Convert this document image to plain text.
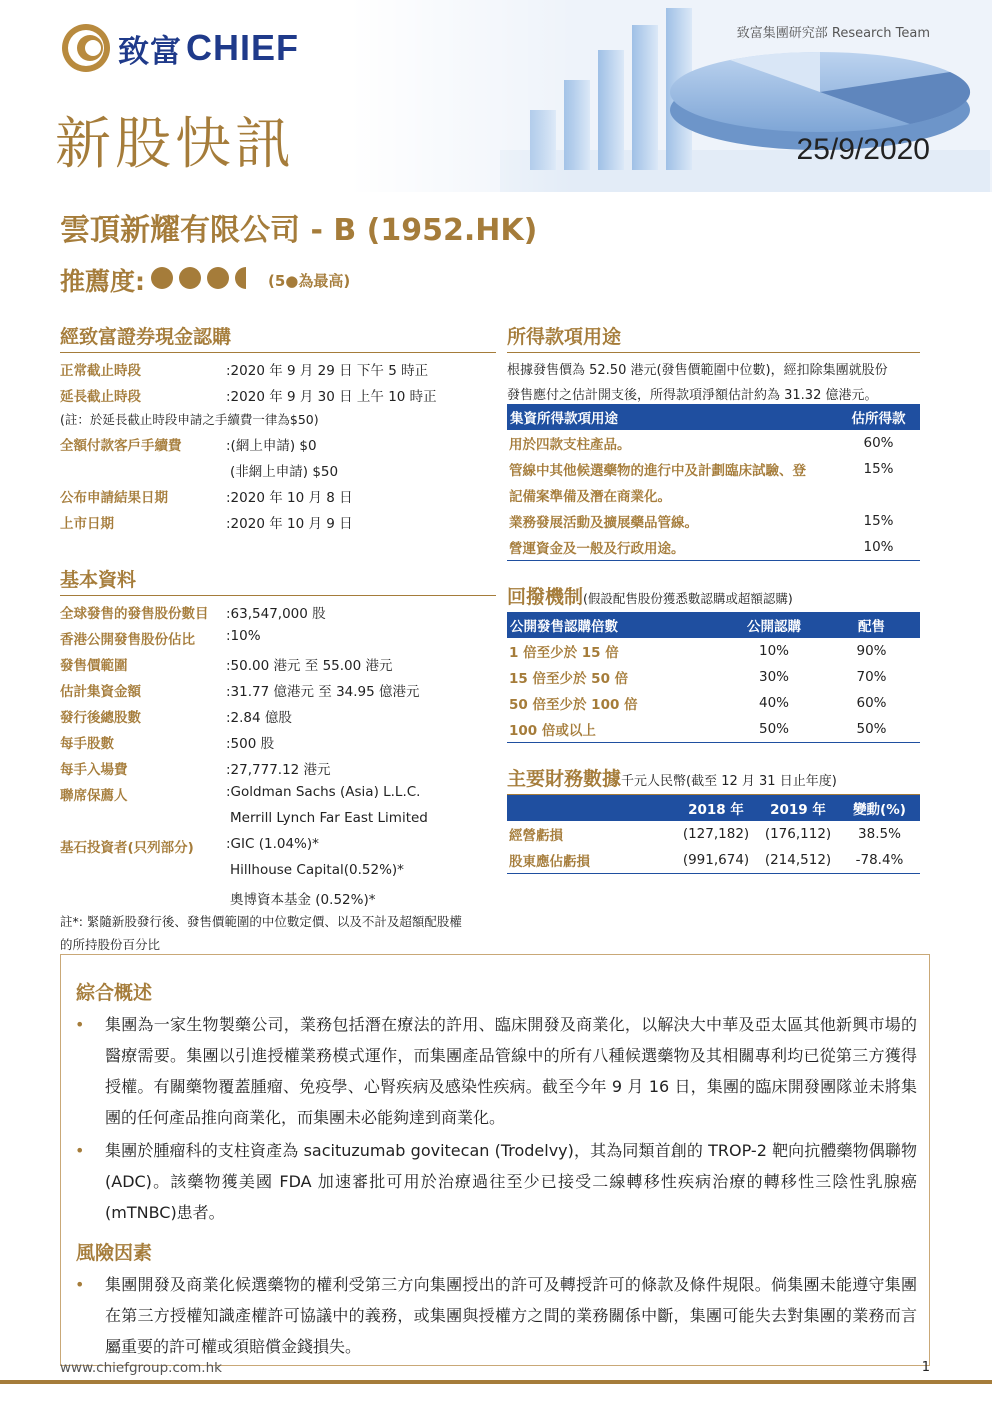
致富 CHIEF	致富集團研究部 Research Team
新股快訊	25/9/2020
雲頂新耀有限公司 - B (1952.HK)
推薦度:	(5●為最高)
經致富證券現金認購
正常截止時段	:2020 年 9 月 29 日 下午 5 時正
延長截止時段	:2020 年 9 月 30 日 上午 10 時正
(註：於延長截止時段申請之手續費一律為$50)
全額付款客戶手續費	:(網上申請) $0
(非網上申請) $50
公布申請結果日期	:2020 年 10 月 8 日
上市日期	:2020 年 10 月 9 日
基本資料
全球發售的發售股份數目 :63,547,000 股
香港公開發售股份佔比 :10%
發售價範圍	:50.00 港元 至 55.00 港元
估計集資金額	:31.77 億港元 至 34.95 億港元
發行後總股數	:2.84 億股
每手股數	:500 股
每手入場費	:27,777.12 港元
聯席保薦人	:Goldman Sachs (Asia) L.L.C.
Merrill Lynch Far East Limited
基石投資者(只列部分) :GIC (1.04%)*
Hillhouse Capital(0.52%)*
奧博資本基金 (0.52%)*
註*: 緊隨新股發行後、發售價範圍的中位數定價、以及不計及超額配股權
的所持股份百分比
所得款項用途
根據發售價為 52.50 港元(發售價範圍中位數)，經扣除集團就股份
發售應付之估計開支後，所得款項淨額估計約為 31.32 億港元。
集資所得款項用途	估所得款
用於四款支柱產品。	60%
管線中其他候選藥物的進行中及計劃臨床試驗、登	15%
記備案準備及潛在商業化。	
業務發展活動及擴展藥品管線。	15%
營運資金及一般及行政用途。	10%
回撥機制(假設配售股份獲悉數認購或超額認購)
公開發售認購倍數	公開認購	配售
1 倍至少於 15 倍	10%	90%
15 倍至少於 50 倍	30%	70%
50 倍至少於 100 倍	40%	60%
100 倍或以上	50%	50%
主要財務數據千元人民幣(截至 12 月 31 日止年度)
	2018 年	2019 年	變動(%)
經營虧損	(127,182)	(176,112)	38.5%
股東應佔虧損	(991,674)	(214,512)	-78.4%
綜合概述
• 集團為一家生物製藥公司，業務包括潛在療法的許用、臨床開發及商業化，以解決大中華及亞太區其他新興市場的醫療需要。集團以引進授權業務模式運作，而集團產品管線中的所有八種候選藥物及其相關專利均已從第三方獲得授權。有關藥物覆蓋腫瘤、免疫學、心腎疾病及感染性疾病。截至今年 9 月 16 日，集團的臨床開發團隊並未將集團的任何產品推向商業化，而集團未必能夠達到商業化。
• 集團於腫瘤科的支柱資產為 sacituzumab govitecan (Trodelvy)，其為同類首創的 TROP-2 靶向抗體藥物偶聯物(ADC)。該藥物獲美國 FDA 加速審批可用於治療過往至少已接受二線轉移性疾病治療的轉移性三陰性乳腺癌(mTNBC)患者。
風險因素
• 集團開發及商業化候選藥物的權利受第三方向集團授出的許可及轉授許可的條款及條件規限。倘集團未能遵守集團在第三方授權知識產權許可協議中的義務，或集團與授權方之間的業務關係中斷，集團可能失去對集團的業務而言屬重要的許可權或須賠償金錢損失。
www.chiefgroup.com.hk	1
